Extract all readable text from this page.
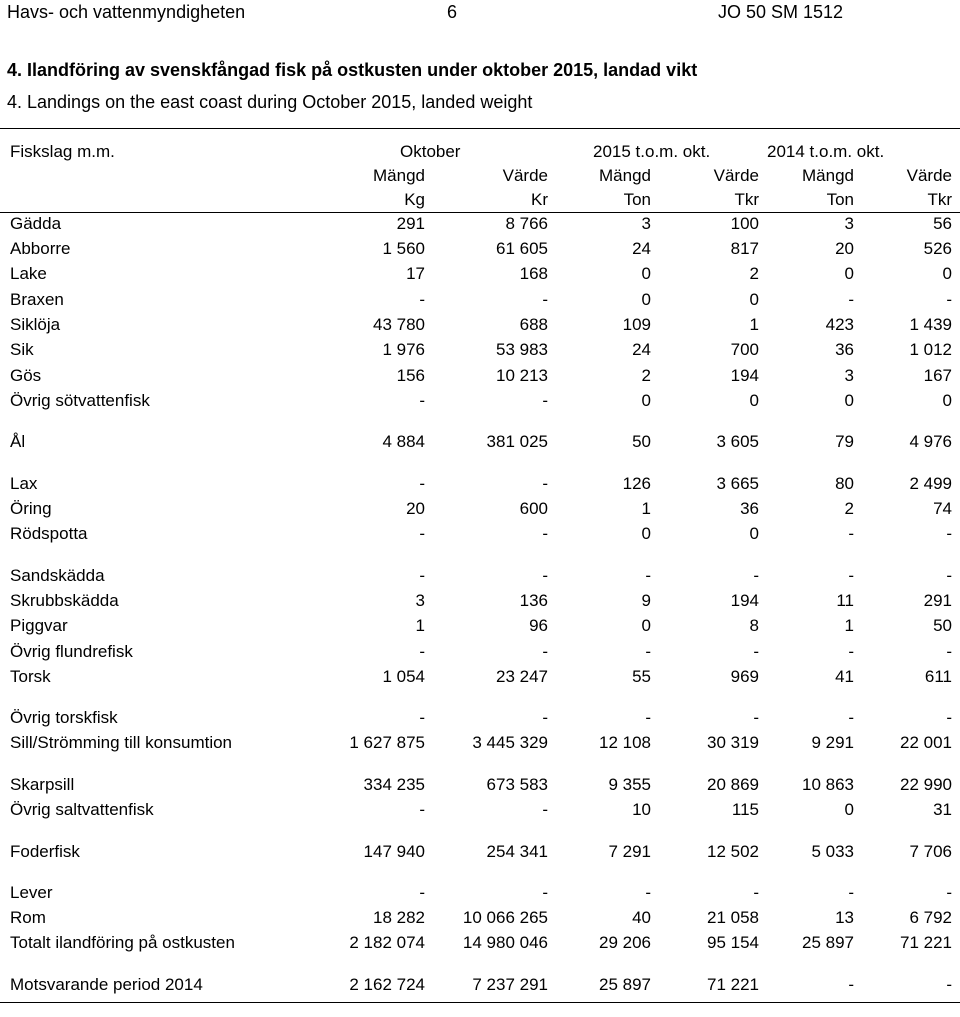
Havs- och vattenmyndigheten	6	JO 50 SM 1512
4. Ilandföring av svenskfångad fisk på ostkusten under oktober 2015, landad vikt
4. Landings on the east coast during October 2015, landed weight
Fiskslag m.m.	Oktober	2015 t.o.m. okt.	2014 t.o.m. okt.
Mängd	Värde	Mängd	Värde	Mängd	Värde
Kg	Kr	Ton	Tkr	Ton	Tkr
Gädda	291	8 766	3	100	3	56
Abborre	1 560	61 605	24	817	20	526
Lake	17	168	0	2	0	0
Braxen	-	-	0	0	-	-
Siklöja	43 780	688	109	1	423	1 439
Sik	1 976	53 983	24	700	36	1 012
Gös	156	10 213	2	194	3	167
Övrig sötvattenfisk	-	-	0	0	0	0
Ål	4 884	381 025	50	3 605	79	4 976
Lax	-	-	126	3 665	80	2 499
Öring	20	600	1	36	2	74
Rödspotta	-	-	0	0	-	-
Sandskädda	-	-	-	-	-	-
Skrubbskädda	3	136	9	194	11	291
Piggvar	1	96	0	8	1	50
Övrig flundrefisk	-	-	-	-	-	-
Torsk	1 054	23 247	55	969	41	611
Övrig torskfisk	-	-	-	-	-	-
Sill/Strömming till konsumtion	1 627 875	3 445 329	12 108	30 319	9 291	22 001
Skarpsill	334 235	673 583	9 355	20 869	10 863	22 990
Övrig saltvattenfisk	-	-	10	115	0	31
Foderfisk	147 940	254 341	7 291	12 502	5 033	7 706
Lever	-	-	-	-	-	-
Rom	18 282	10 066 265	40	21 058	13	6 792
Totalt ilandföring på ostkusten	2 182 074	14 980 046	29 206	95 154	25 897	71 221
Motsvarande period 2014	2 162 724	7 237 291	25 897	71 221	-	-
